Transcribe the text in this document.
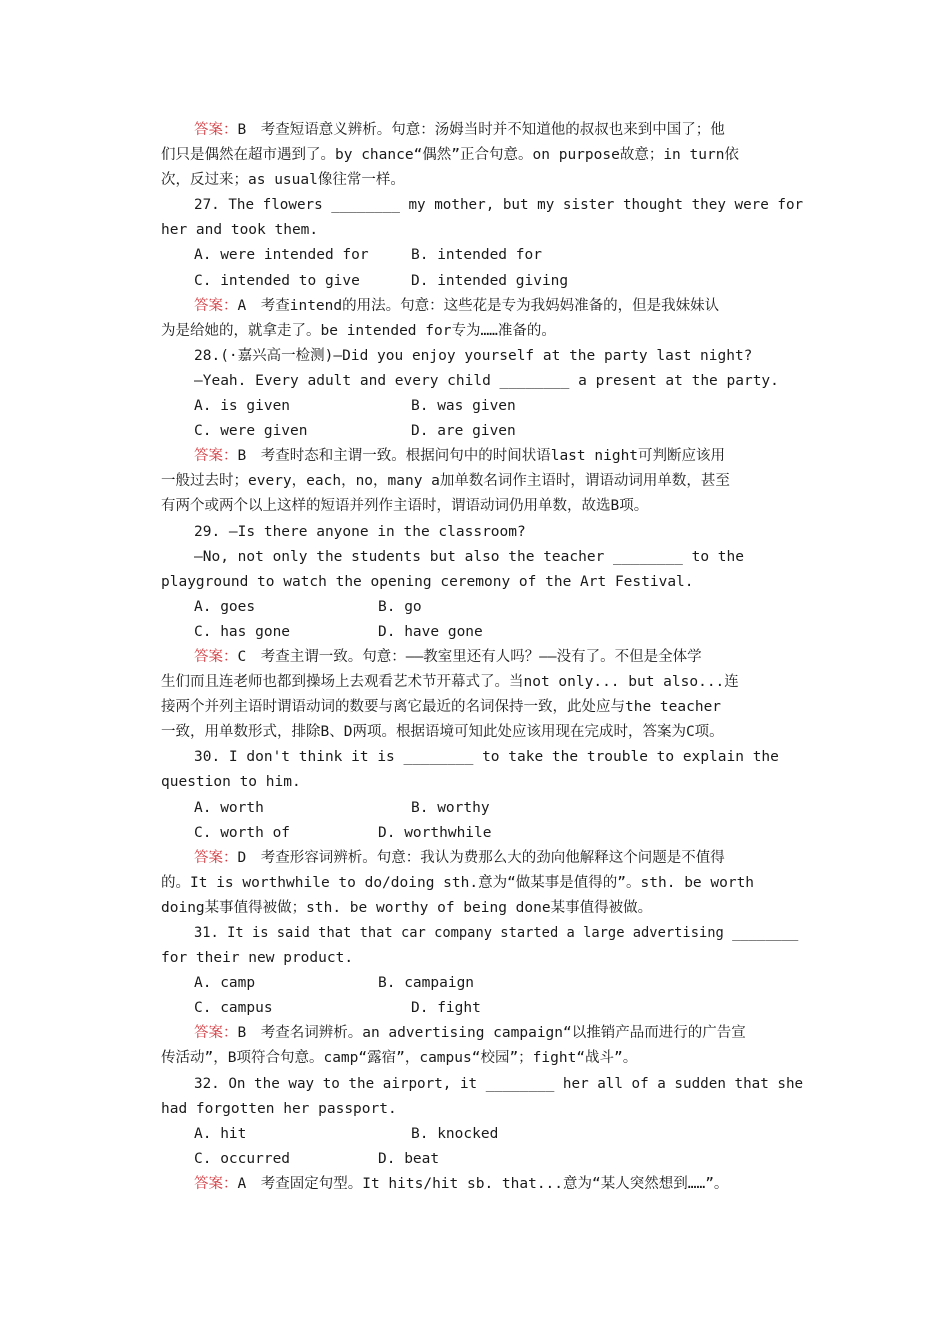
答案：B　考查短语意义辨析。句意：汤姆当时并不知道他的叔叔也来到中国了；他
们只是偶然在超市遇到了。by chance“偶然”正合句意。on purpose故意；in turn依
次，反过来；as usual像往常一样。
27. The flowers ________ my mother, but my sister thought they were for
her and took them.
A. were intended for	B. intended for
C. intended to give	D. intended giving
答案：A　考查intend的用法。句意：这些花是专为我妈妈准备的，但是我妹妹认
为是给她的，就拿走了。be intended for专为……准备的。
28.(·嘉兴高一检测)—Did you enjoy yourself at the party last night?
—Yeah. Every adult and every child ________ a present at the party.
A. is given	B. was given
C. were given	D. are given
答案：B　考查时态和主谓一致。根据问句中的时间状语last night可判断应该用
一般过去时；every，each，no，many a加单数名词作主语时，谓语动词用单数，甚至
有两个或两个以上这样的短语并列作主语时，谓语动词仍用单数，故选B项。
29. —Is there anyone in the classroom?
—No, not only the students but also the teacher ________ to the
playground to watch the opening ceremony of the Art Festival.
A. goes	B. go
C. has gone	D. have gone
答案：C　考查主谓一致。句意：——教室里还有人吗？——没有了。不但是全体学
生们而且连老师也都到操场上去观看艺术节开幕式了。当not only... but also...连
接两个并列主语时谓语动词的数要与离它最近的名词保持一致，此处应与the teacher
一致，用单数形式，排除B、D两项。根据语境可知此处应该用现在完成时，答案为C项。
30. I don't think it is ________ to take the trouble to explain the
question to him.
A. worth	B. worthy
C. worth of	D. worthwhile
答案：D　考查形容词辨析。句意：我认为费那么大的劲向他解释这个问题是不值得
的。It is worthwhile to do/doing sth.意为“做某事是值得的”。sth. be worth
doing某事值得被做；sth. be worthy of being done某事值得被做。
31. It is said that that car company started a large advertising ________
for their new product.
A. camp	B. campaign
C. campus	D. fight
答案：B　考查名词辨析。an advertising campaign“以推销产品而进行的广告宣
传活动”，B项符合句意。camp“露宿”，campus“校园”；fight“战斗”。
32. On the way to the airport, it ________ her all of a sudden that she
had forgotten her passport.
A. hit	B. knocked
C. occurred	D. beat
答案：A　考查固定句型。It hits/hit sb. that...意为“某人突然想到……”。
